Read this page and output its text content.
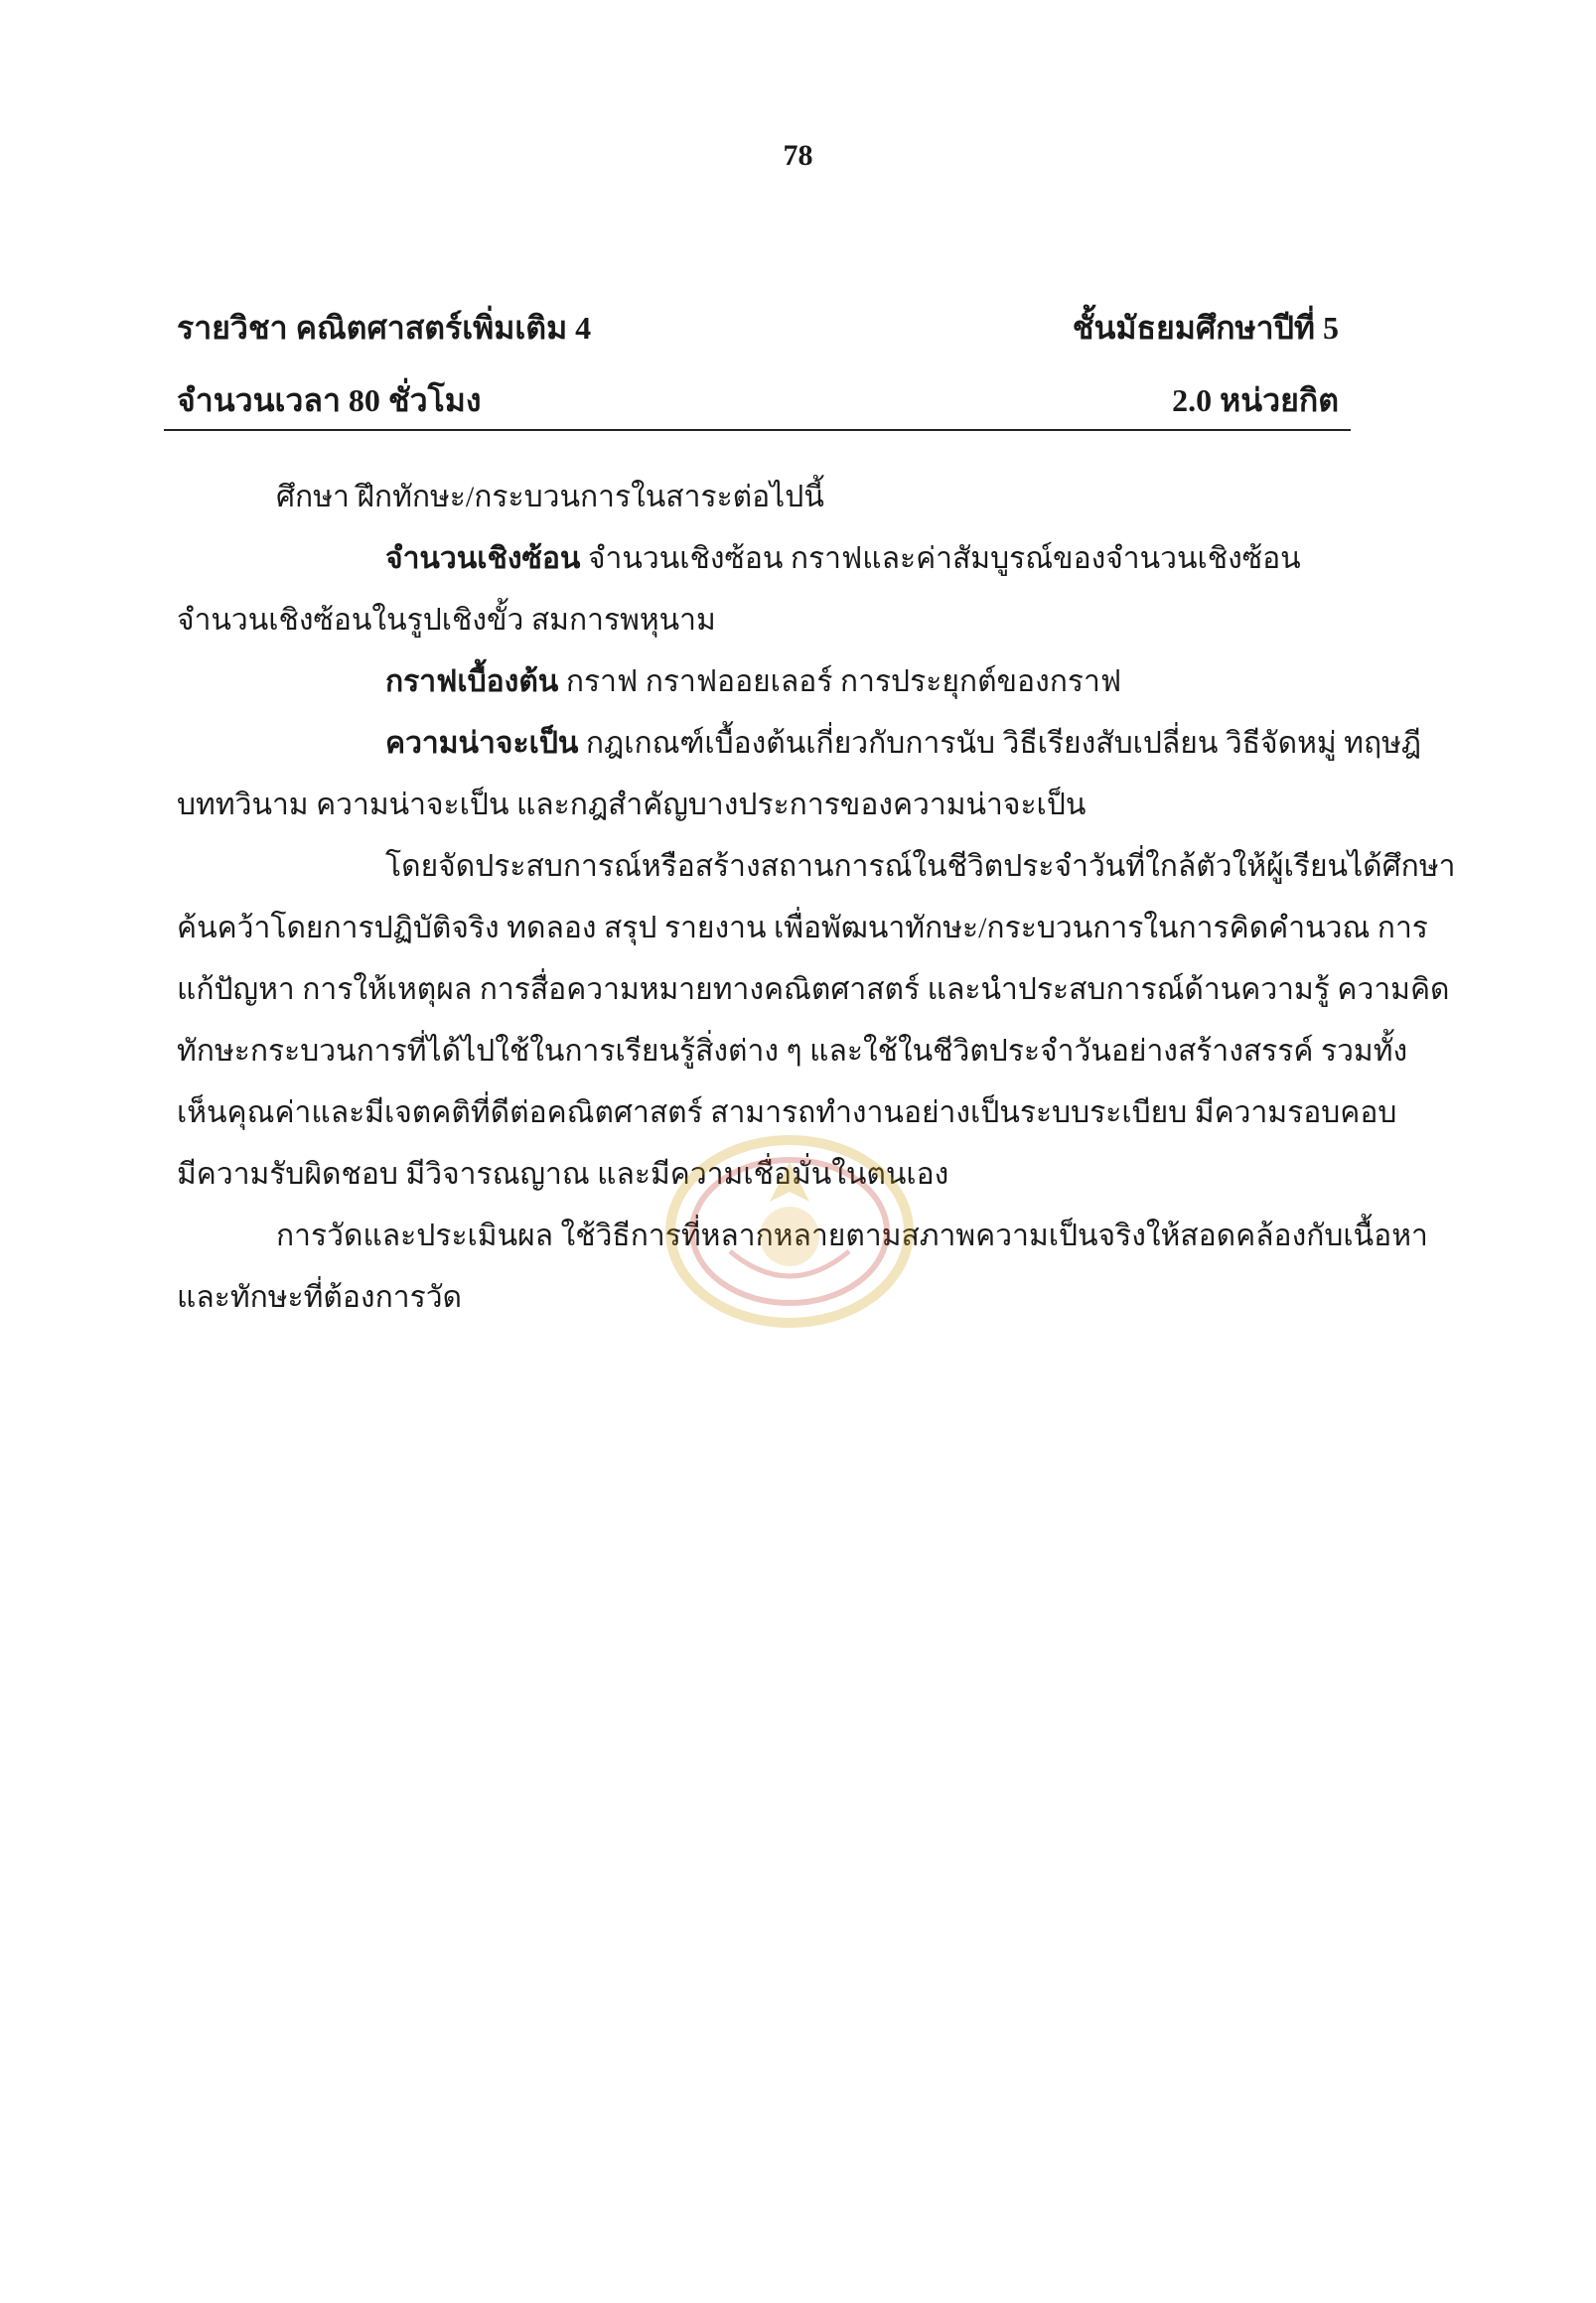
78
รายวิชา คณิตศาสตร์เพิ่มเติม 4	ชั้นมัธยมศึกษาปีที่ 5
จำนวนเวลา 80 ชั่วโมง	2.0 หน่วยกิต

ศึกษา ฝึกทักษะ/กระบวนการในสาระต่อไปนี้

จำนวนเชิงซ้อน จำนวนเชิงซ้อน กราฟและค่าสัมบูรณ์ของจำนวนเชิงซ้อน

จำนวนเชิงซ้อนในรูปเชิงขั้ว สมการพหุนาม

กราฟเบื้องต้น กราฟ กราฟออยเลอร์ การประยุกต์ของกราฟ

ความน่าจะเป็น กฎเกณฑ์เบื้องต้นเกี่ยวกับการนับ วิธีเรียงสับเปลี่ยน วิธีจัดหมู่ ทฤษฎี

บททวินาม ความน่าจะเป็น และกฎสำคัญบางประการของความน่าจะเป็น

โดยจัดประสบการณ์หรือสร้างสถานการณ์ในชีวิตประจำวันที่ใกล้ตัวให้ผู้เรียนได้ศึกษา

ค้นคว้าโดยการปฏิบัติจริง ทดลอง สรุป รายงาน เพื่อพัฒนาทักษะ/กระบวนการในการคิดคำนวณ การ

แก้ปัญหา การให้เหตุผล การสื่อความหมายทางคณิตศาสตร์ และนำประสบการณ์ด้านความรู้ ความคิด

ทักษะกระบวนการที่ได้ไปใช้ในการเรียนรู้สิ่งต่าง ๆ และใช้ในชีวิตประจำวันอย่างสร้างสรรค์ รวมทั้ง

เห็นคุณค่าและมีเจตคติที่ดีต่อคณิตศาสตร์ สามารถทำงานอย่างเป็นระบบระเบียบ มีความรอบคอบ

มีความรับผิดชอบ มีวิจารณญาณ และมีความเชื่อมั่นในตนเอง

การวัดและประเมินผล ใช้วิธีการที่หลากหลายตามสภาพความเป็นจริงให้สอดคล้องกับเนื้อหา

และทักษะที่ต้องการวัด
